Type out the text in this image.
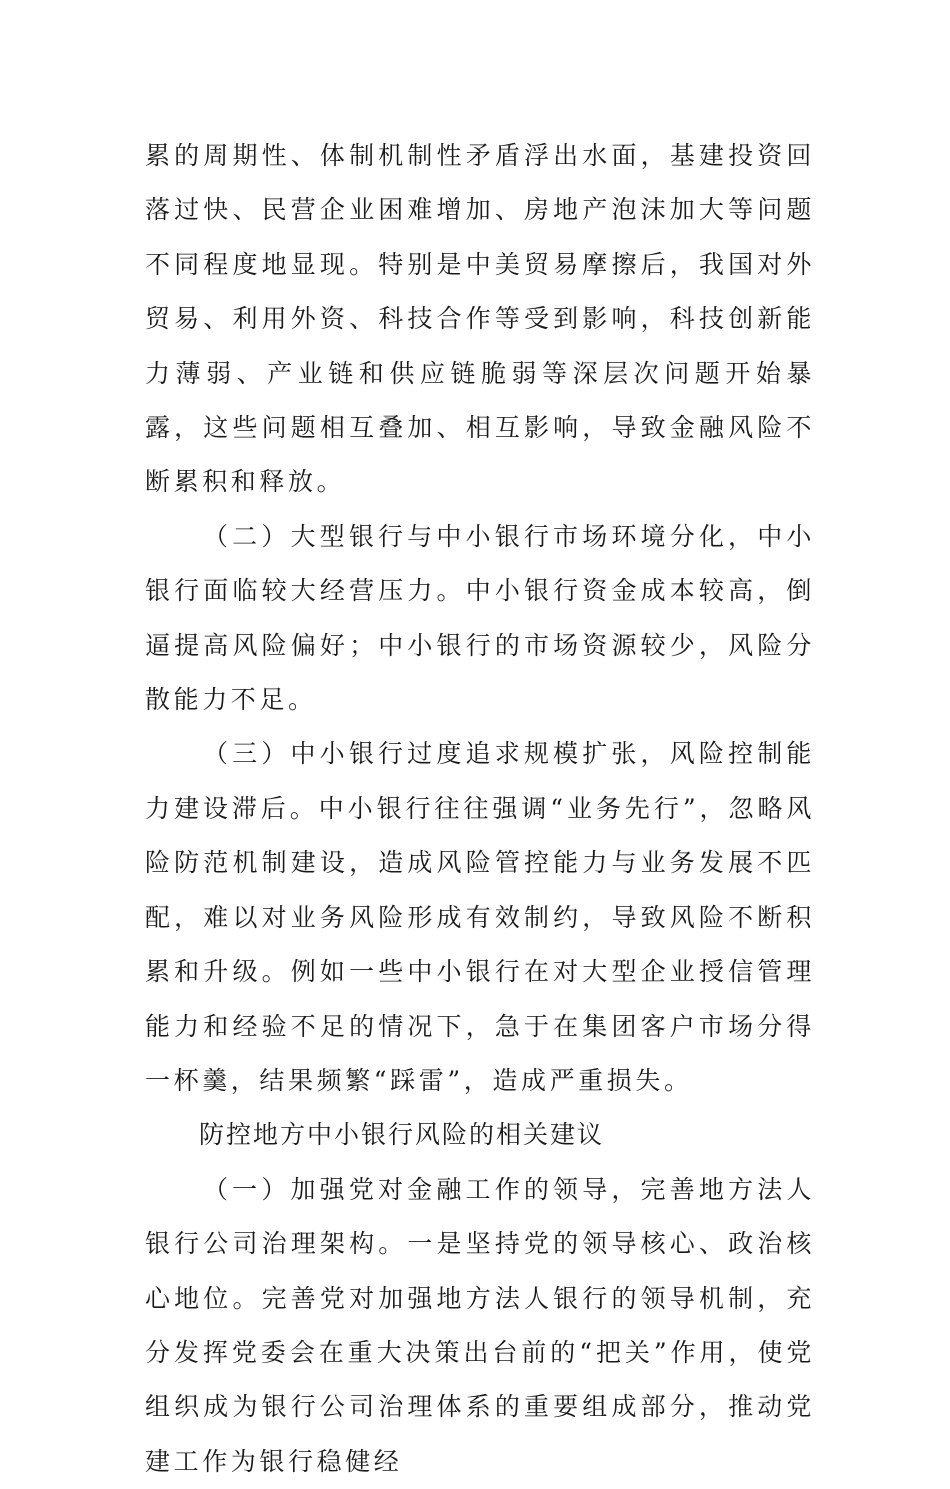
累的周期性、体制机制性矛盾浮出水面，基建投资回落过快、民营企业困难增加、房地产泡沫加大等问题不同程度地显现。特别是中美贸易摩擦后，我国对外贸易、利用外资、科技合作等受到影响，科技创新能力薄弱、产业链和供应链脆弱等深层次问题开始暴露，这些问题相互叠加、相互影响，导致金融风险不断累积和释放。

（二）大型银行与中小银行市场环境分化，中小银行面临较大经营压力。中小银行资金成本较高，倒逼提高风险偏好；中小银行的市场资源较少，风险分散能力不足。

（三）中小银行过度追求规模扩张，风险控制能力建设滞后。中小银行往往强调“业务先行”，忽略风险防范机制建设，造成风险管控能力与业务发展不匹配，难以对业务风险形成有效制约，导致风险不断积累和升级。例如一些中小银行在对大型企业授信管理能力和经验不足的情况下，急于在集团客户市场分得一杯羹，结果频繁“踩雷”，造成严重损失。

防控地方中小银行风险的相关建议

（一）加强党对金融工作的领导，完善地方法人银行公司治理架构。一是坚持党的领导核心、政治核心地位。完善党对加强地方法人银行的领导机制，充分发挥党委会在重大决策出台前的“把关”作用，使党组织成为银行公司治理体系的重要组成部分，推动党建工作为银行稳健经
